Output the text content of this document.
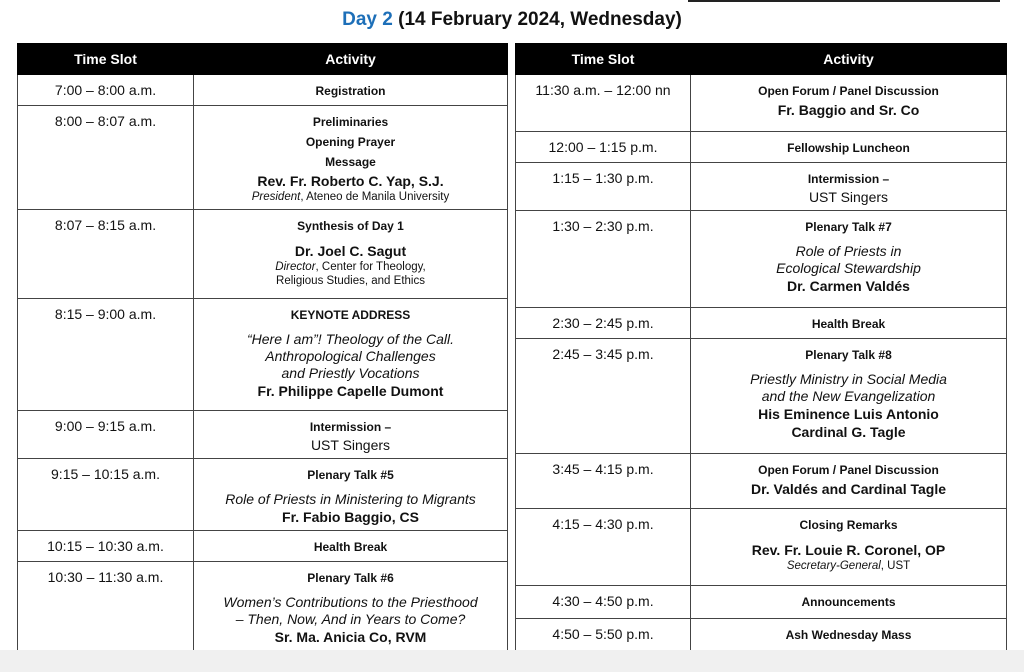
Day 2 (14 February 2024, Wednesday)
Time Slot	Activity
7:00 – 8:00 a.m.	Registration

8:00 – 8:07 a.m.	Preliminaries
Opening Prayer
Message
Rev. Fr. Roberto C. Yap, S.J.
President, Ateneo de Manila University

8:07 – 8:15 a.m.	Synthesis of Day 1
Dr. Joel C. Sagut
Director, Center for Theology,
Religious Studies, and Ethics

8:15 – 9:00 a.m.	KEYNOTE ADDRESS
“Here I am”! Theology of the Call.
Anthropological Challenges
and Priestly Vocations
Fr. Philippe Capelle Dumont

9:00 – 9:15 a.m.	Intermission –
UST Singers

9:15 – 10:15 a.m.	Plenary Talk #5
Role of Priests in Ministering to Migrants
Fr. Fabio Baggio, CS

10:15 – 10:30 a.m.	Health Break

10:30 – 11:30 a.m.	Plenary Talk #6
Women’s Contributions to the Priesthood
– Then, Now, And in Years to Come?
Sr. Ma. Anicia Co, RVM
Time Slot	Activity
11:30 a.m. – 12:00 nn	Open Forum / Panel Discussion
Fr. Baggio and Sr. Co

12:00 – 1:15 p.m.	Fellowship Luncheon

1:15 – 1:30 p.m.	Intermission –
UST Singers

1:30 – 2:30 p.m.	Plenary Talk #7
Role of Priests in
Ecological Stewardship
Dr. Carmen Valdés

2:30 – 2:45 p.m.	Health Break

2:45 – 3:45 p.m.	Plenary Talk #8
Priestly Ministry in Social Media
and the New Evangelization
His Eminence Luis Antonio
Cardinal G. Tagle

3:45 – 4:15 p.m.	Open Forum / Panel Discussion
Dr. Valdés and Cardinal Tagle

4:15 – 4:30 p.m.	Closing Remarks
Rev. Fr. Louie R. Coronel, OP
Secretary-General, UST

4:30 – 4:50 p.m.	Announcements

4:50 – 5:50 p.m.	Ash Wednesday Mass
